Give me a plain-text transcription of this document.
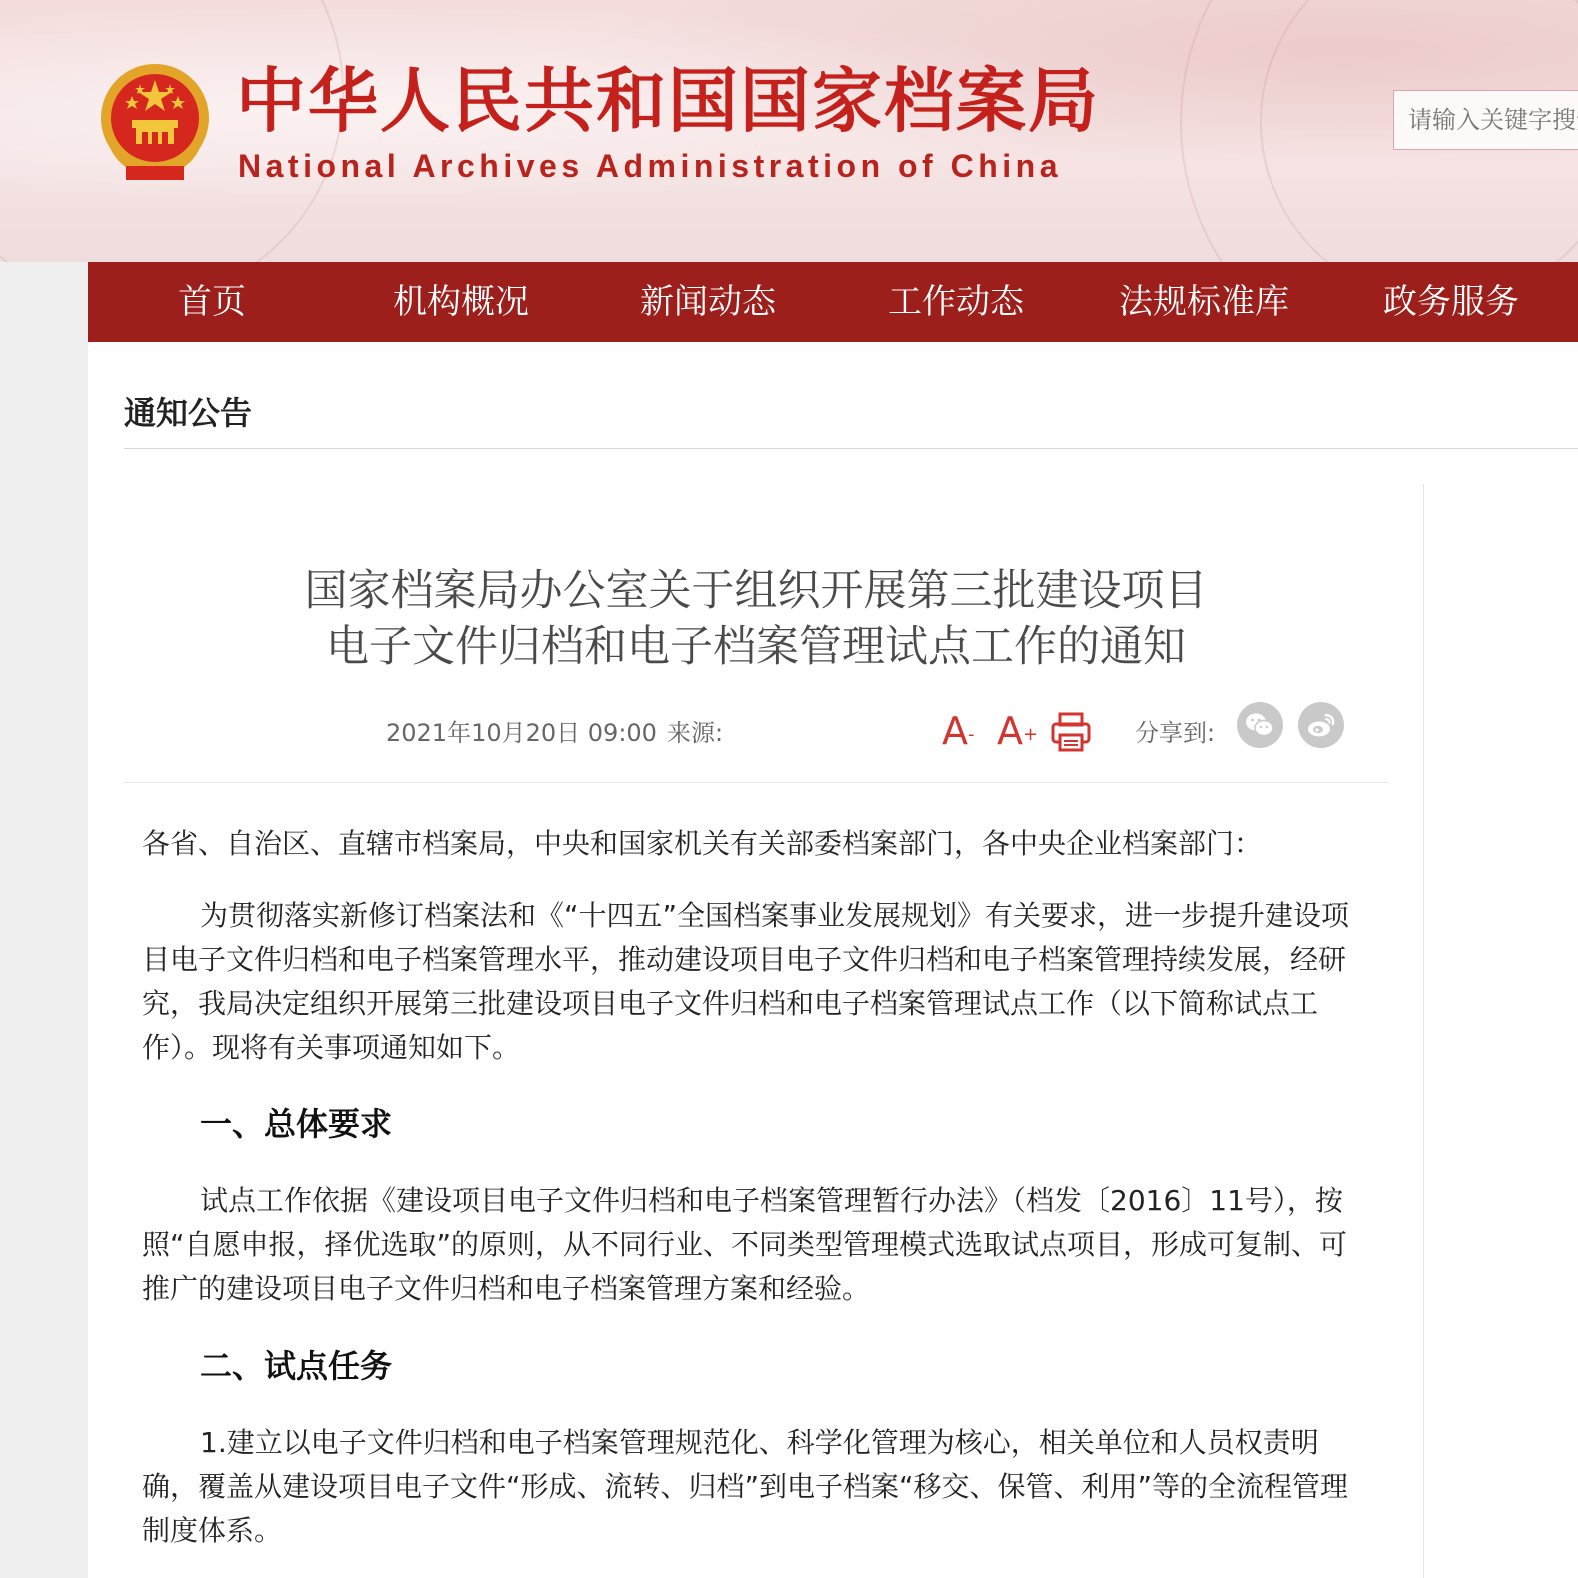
中华人民共和国国家档案局

National Archives Administration of China

请输入关键字搜索
首页	机构概况	新闻动态	工作动态	法规标准库	政务服务
通知公告
国家档案局办公室关于组织开展第三批建设项目
电子文件归档和电子档案管理试点工作的通知
2021年10月20日 09:00 来源:	A- A+	分享到:

各省、自治区、直辖市档案局，中央和国家机关有关部委档案部门，各中央企业档案部门：

为贯彻落实新修订档案法和《“十四五”全国档案事业发展规划》有关要求，进一步提升建设项目电子文件归档和电子档案管理水平，推动建设项目电子文件归档和电子档案管理持续发展，经研究，我局决定组织开展第三批建设项目电子文件归档和电子档案管理试点工作（以下简称试点工作）。现将有关事项通知如下。

一、总体要求

试点工作依据《建设项目电子文件归档和电子档案管理暂行办法》（档发〔2016〕11号），按照“自愿申报，择优选取”的原则，从不同行业、不同类型管理模式选取试点项目，形成可复制、可推广的建设项目电子文件归档和电子档案管理方案和经验。

二、试点任务

1.建立以电子文件归档和电子档案管理规范化、科学化管理为核心，相关单位和人员权责明确，覆盖从建设项目电子文件“形成、流转、归档”到电子档案“移交、保管、利用”等的全流程管理制度体系。
